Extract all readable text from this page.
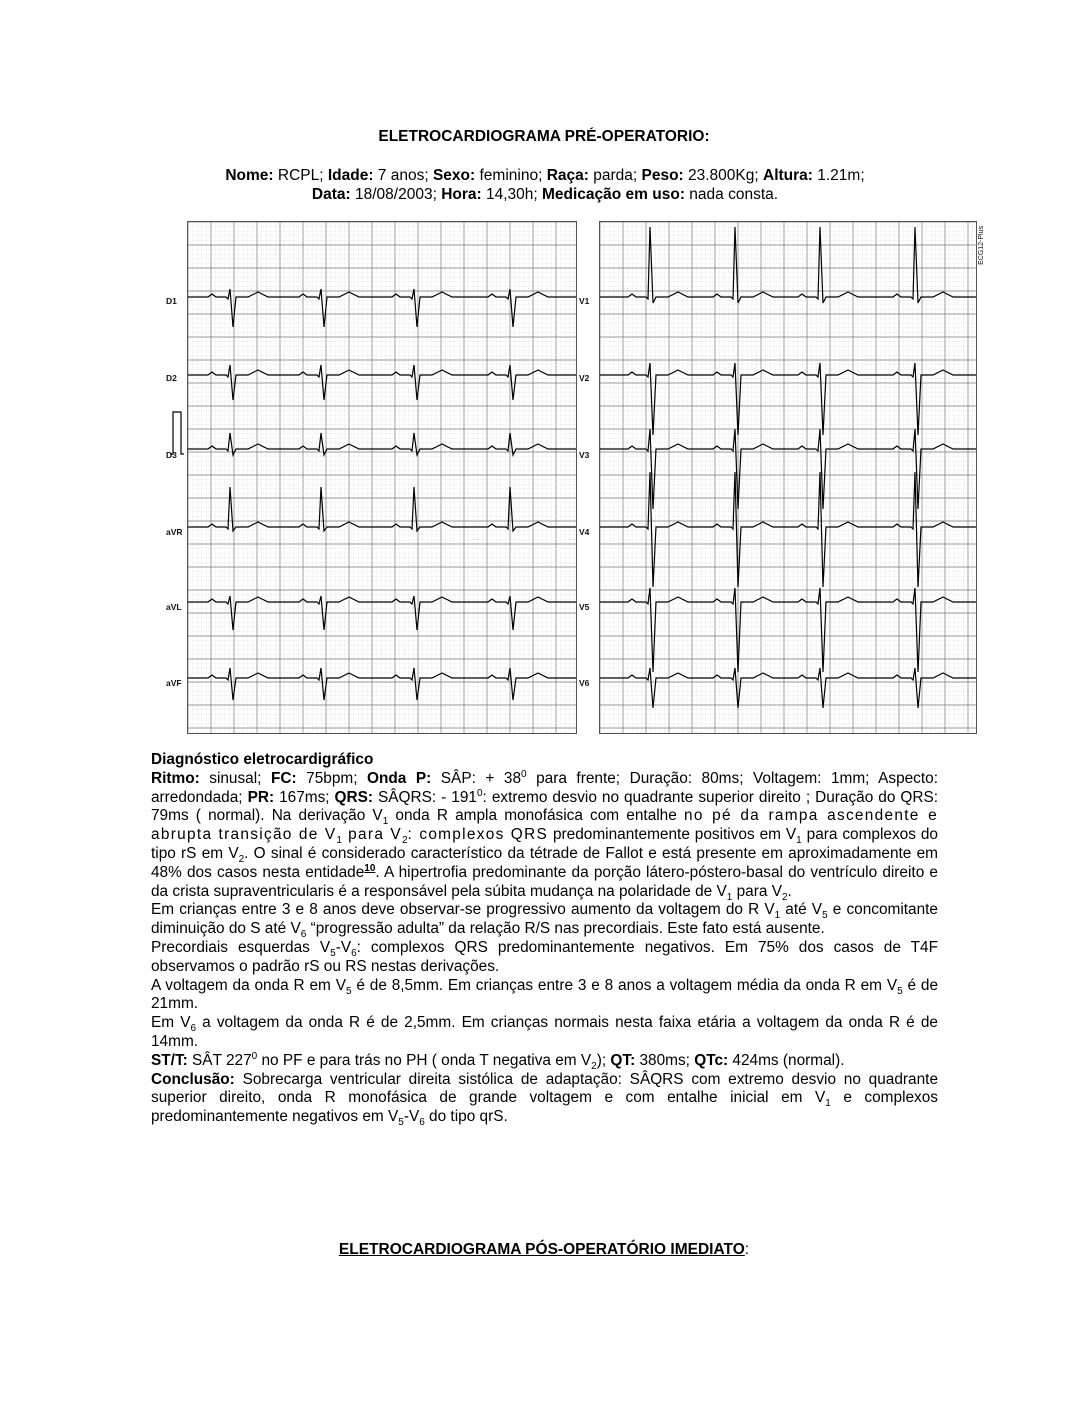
ELETROCARDIOGRAMA PRÉ-OPERATORIO:
Nome: RCPL; Idade: 7 anos; Sexo: feminino; Raça: parda; Peso: 23.800Kg; Altura: 1.21m;
Data: 18/08/2003; Hora: 14,30h; Medicação em uso: nada consta.
D1
D2
D3
aVR
aVL
aVF
V1
V2
V3
V4
V5
V6
ECG12-Plus

Diagnóstico eletrocardigráfico

Ritmo: sinusal; FC: 75bpm; Onda P: SÂP: + $38^0$ para frente; Duração: 80ms; Voltagem: 1mm; Aspecto: arredondada; PR: 167ms; QRS: SÂQRS: - $191^0$: extremo desvio no quadrante superior direito ; Duração do QRS: 79ms ( normal). Na derivação $V_1$ onda R ampla monofásica com entalhe no pé da rampa ascendente e abrupta transição de $V_1$ para $V_2$: complexos QRS predominantemente positivos em $V_1$ para complexos do tipo rS em $V_2$. O sinal é considerado característico da tétrade de Fallot e está presente em aproximadamente em 48% dos casos nesta entidade$^{10}$. A hipertrofia predominante da porção látero-póstero-basal do ventrículo direito e da crista supraventricularis é a responsável pela súbita mudança na polaridade de $V_1$ para $V_2$.

Em crianças entre 3 e 8 anos deve observar-se progressivo aumento da voltagem do R $V_1$ até $V_5$ e concomitante diminuição do S até $V_6$ “progressão adulta” da relação R/S nas precordiais. Este fato está ausente.

Precordiais esquerdas $V_5-V_6$: complexos QRS predominantemente negativos. Em 75% dos casos de T4F observamos o padrão rS ou RS nestas derivações.

A voltagem da onda R em $V_5$ é de 8,5mm. Em crianças entre 3 e 8 anos a voltagem média da onda R em $V_5$ é de 21mm.

Em $V_6$ a voltagem da onda R é de 2,5mm. Em crianças normais nesta faixa etária a voltagem da onda R é de 14mm.

ST/T: SÂT $227^0$ no PF e para trás no PH ( onda T negativa em $V_2$); QT: 380ms; QTc: 424ms (normal).

Conclusão: Sobrecarga ventricular direita sistólica de adaptação: SÂQRS com extremo desvio no quadrante superior direito, onda R monofásica de grande voltagem e com entalhe inicial em $V_1$ e complexos predominantemente negativos em $V_5-V_6$ do tipo qrS.

ELETROCARDIOGRAMA PÓS-OPERATÓRIO IMEDIATO:
